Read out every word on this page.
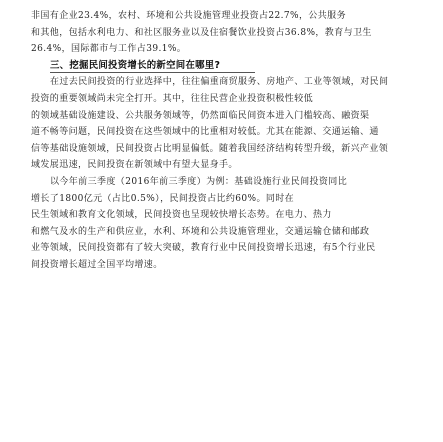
非国有企业23.4%，农村、环境和公共设施管理业投资占22.7%，公共服务
和其他，包括水利电力、和社区服务业以及住宿餐饮业投资占36.8%，教育与卫生
26.4%，国际都市与工作占39.1%。
三、挖掘民间投资增长的新空间在哪里?
在过去民间投资的行业选择中，往往偏重商贸服务、房地产、工业等领域，对民间
投资的重要领域尚未完全打开。其中，往往民营企业投资积极性较低
的领域基础设施建设、公共服务领域等，仍然面临民间资本进入门槛较高、融资渠
道不畅等问题，民间投资在这些领域中的比重相对较低。尤其在能源、交通运输、通
信等基础设施领域，民间投资占比明显偏低。随着我国经济结构转型升级，新兴产业领
域发展迅速，民间投资在新领域中有望大显身手。
以今年前三季度（2016年前三季度）为例：基础设施行业民间投资同比
增长了1800亿元（占比0.5%），民间投资占比约60%。同时在
民生领域和教育文化领域，民间投资也呈现较快增长态势。在电力、热力
和燃气及水的生产和供应业，水利、环境和公共设施管理业，交通运输仓储和邮政
业等领域，民间投资都有了较大突破，教育行业中民间投资增长迅速，有5个行业民
间投资增长超过全国平均增速。
